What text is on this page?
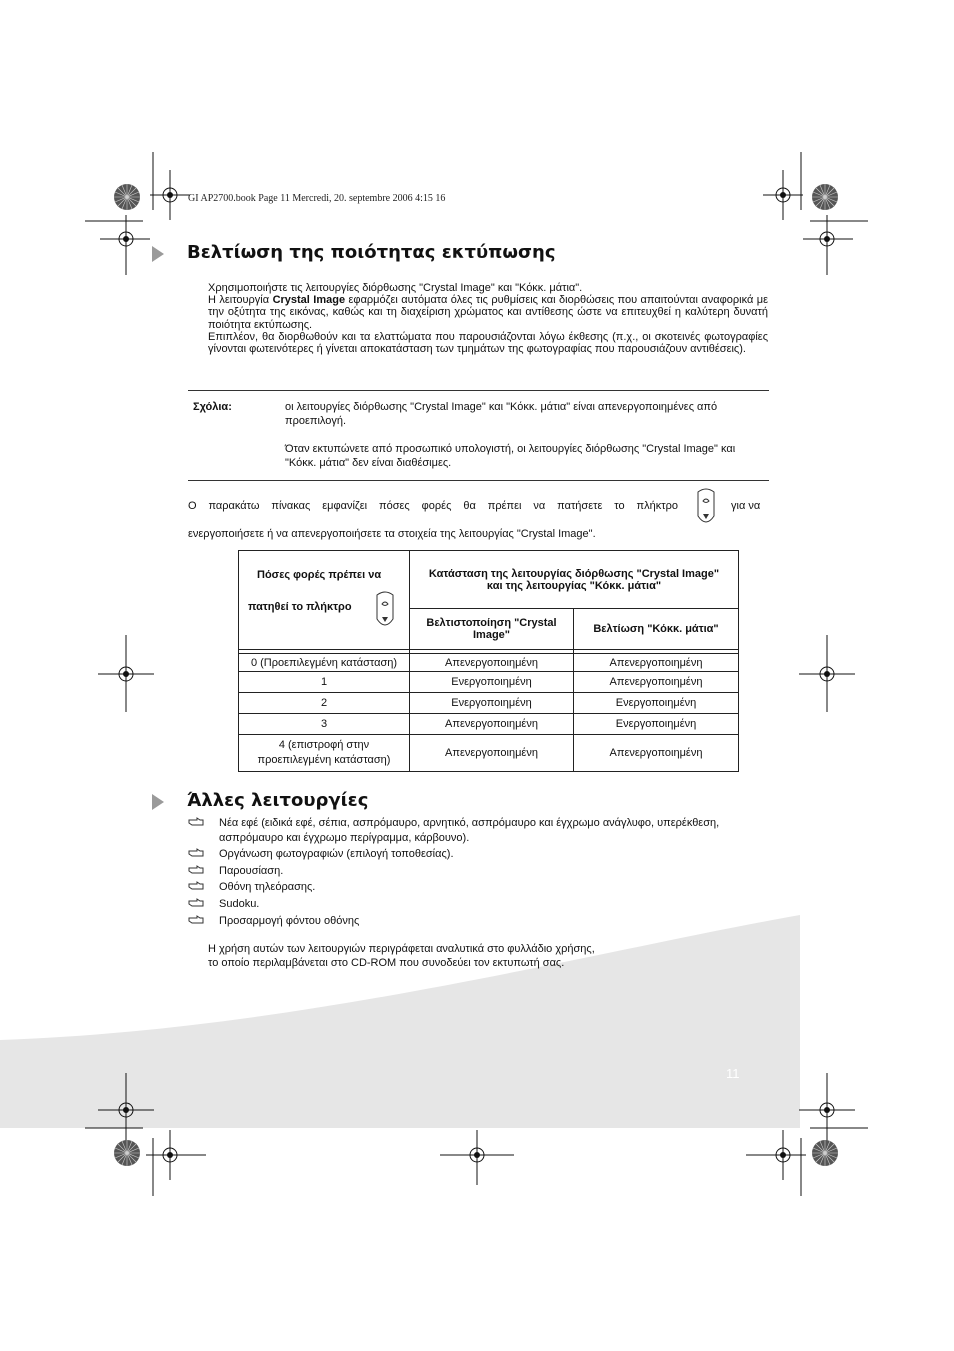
GI AP2700.book Page 11 Mercredi, 20. septembre 2006 4:15 16
Βελτίωση της ποιότητας εκτύπωσης
Χρησιμοποιήστε τις λειτουργίες διόρθωσης "Crystal Image" και "Κόκκ. μάτια".
Η λειτουργία Crystal Image εφαρμόζει αυτόματα όλες τις ρυθμίσεις και διορθώσεις που απαιτούνται αναφορικά με την οξύτητα της εικόνας, καθώς και τη διαχείριση χρώματος και αντίθεσης ώστε να επιτευχθεί η καλύτερη δυνατή ποιότητα εκτύπωσης.
Επιπλέον, θα διορθωθούν και τα ελαττώματα που παρουσιάζονται λόγω έκθεσης (π.χ., οι σκοτεινές φωτογραφίες γίνονται φωτεινότερες ή γίνεται αποκατάσταση των τμημάτων της φωτογραφίας που παρουσιάζουν αντιθέσεις).
Σχόλια:	οι λειτουργίες διόρθωσης "Crystal Image" και "Κόκκ. μάτια" είναι απενεργοποιημένες από προεπιλογή.
Όταν εκτυπώνετε από προσωπικό υπολογιστή, οι λειτουργίες διόρθωσης "Crystal Image" και "Κόκκ. μάτια" δεν είναι διαθέσιμες.
Ο παρακάτω πίνακας εμφανίζει πόσες φορές θα πρέπει να πατήσετε το πλήκτρο	για να
ενεργοποιήσετε ή να απενεργοποιήσετε τα στοιχεία της λειτουργίας "Crystal Image".
Πόσες φορές πρέπει να
πατηθεί το πλήκτρο	Κατάσταση της λειτουργίας διόρθωσης "Crystal Image" και της λειτουργίας "Κόκκ. μάτια"	
	Βελτιστοποίηση "Crystal Image"	Βελτίωση "Κόκκ. μάτια"

0 (Προεπιλεγμένη κατάσταση)	Απενεργοποιημένη	Απενεργοποιημένη
1	Ενεργοποιημένη	Απενεργοποιημένη
2	Ενεργοποιημένη	Ενεργοποιημένη
3	Απενεργοποιημένη	Ενεργοποιημένη
4 (επιστροφή στην προεπιλεγμένη κατάσταση)	Απενεργοποιημένη	Απενεργοποιημένη
Άλλες λειτουργίες
Νέα εφέ (ειδικά εφέ, σέπια, ασπρόμαυρο, αρνητικό, ασπρόμαυρο και έγχρωμο ανάγλυφο, υπερέκθεση, ασπρόμαυρο και έγχρωμο περίγραμμα, κάρβουνο).
Οργάνωση φωτογραφιών (επιλογή τοποθεσίας).
Παρουσίαση.
Οθόνη τηλεόρασης.
Sudoku.
Προσαρμογή φόντου οθόνης
Η χρήση αυτών των λειτουργιών περιγράφεται αναλυτικά στο φυλλάδιο χρήσης,
το οποίο περιλαμβάνεται στο CD-ROM που συνοδεύει τον εκτυπωτή σας.
11
